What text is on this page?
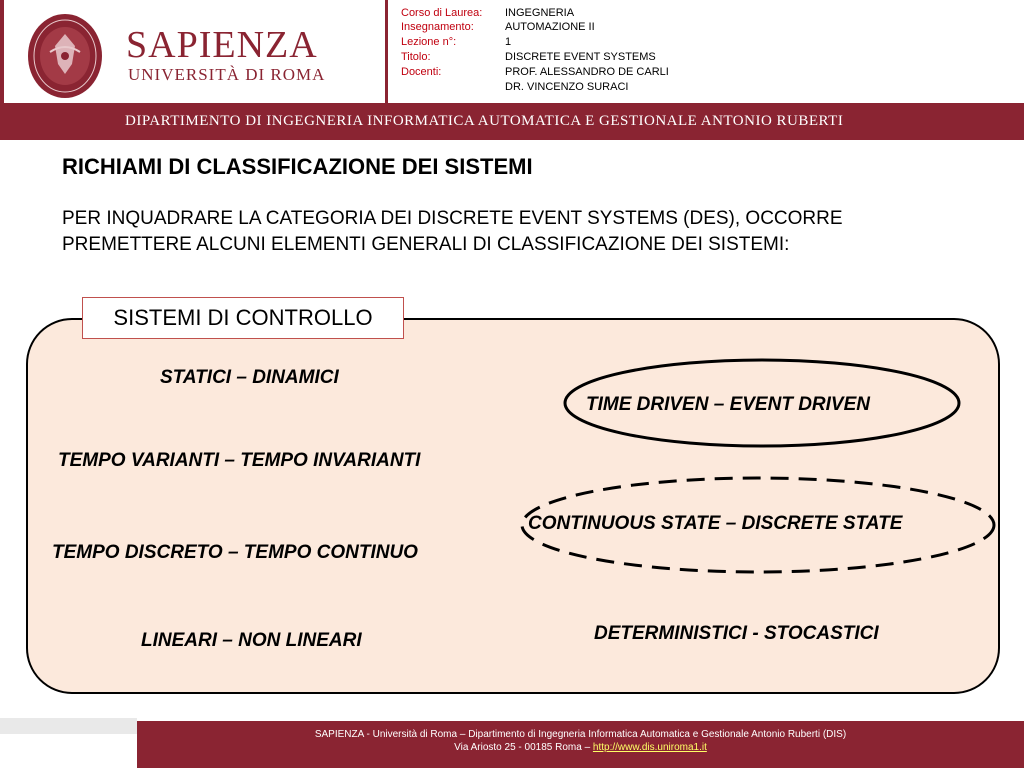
SAPIENZA
UNIVERSITÀ DI ROMA
Corso di Laurea: INGEGNERIA
Insegnamento:	AUTOMAZIONE II
Lezione n°:	1
Titolo:	DISCRETE EVENT SYSTEMS
Docenti:	PROF. ALESSANDRO DE CARLI
DR. VINCENZO SURACI
DIPARTIMENTO DI INGEGNERIA INFORMATICA AUTOMATICA E GESTIONALE ANTONIO RUBERTI
RICHIAMI DI CLASSIFICAZIONE DEI SISTEMI
PER INQUADRARE LA CATEGORIA DEI DISCRETE EVENT SYSTEMS (DES), OCCORRE PREMETTERE ALCUNI ELEMENTI GENERALI DI CLASSIFICAZIONE DEI SISTEMI:
SISTEMI DI CONTROLLO
STATICI – DINAMICI
TEMPO VARIANTI – TEMPO INVARIANTI
TEMPO DISCRETO – TEMPO CONTINUO
LINEARI – NON LINEARI
TIME DRIVEN – EVENT DRIVEN
CONTINUOUS STATE – DISCRETE STATE
DETERMINISTICI - STOCASTICI
SAPIENZA - Università di Roma – Dipartimento di Ingegneria Informatica Automatica e Gestionale Antonio Ruberti (DIS)
Via Ariosto 25 - 00185 Roma – http://www.dis.uniroma1.it
